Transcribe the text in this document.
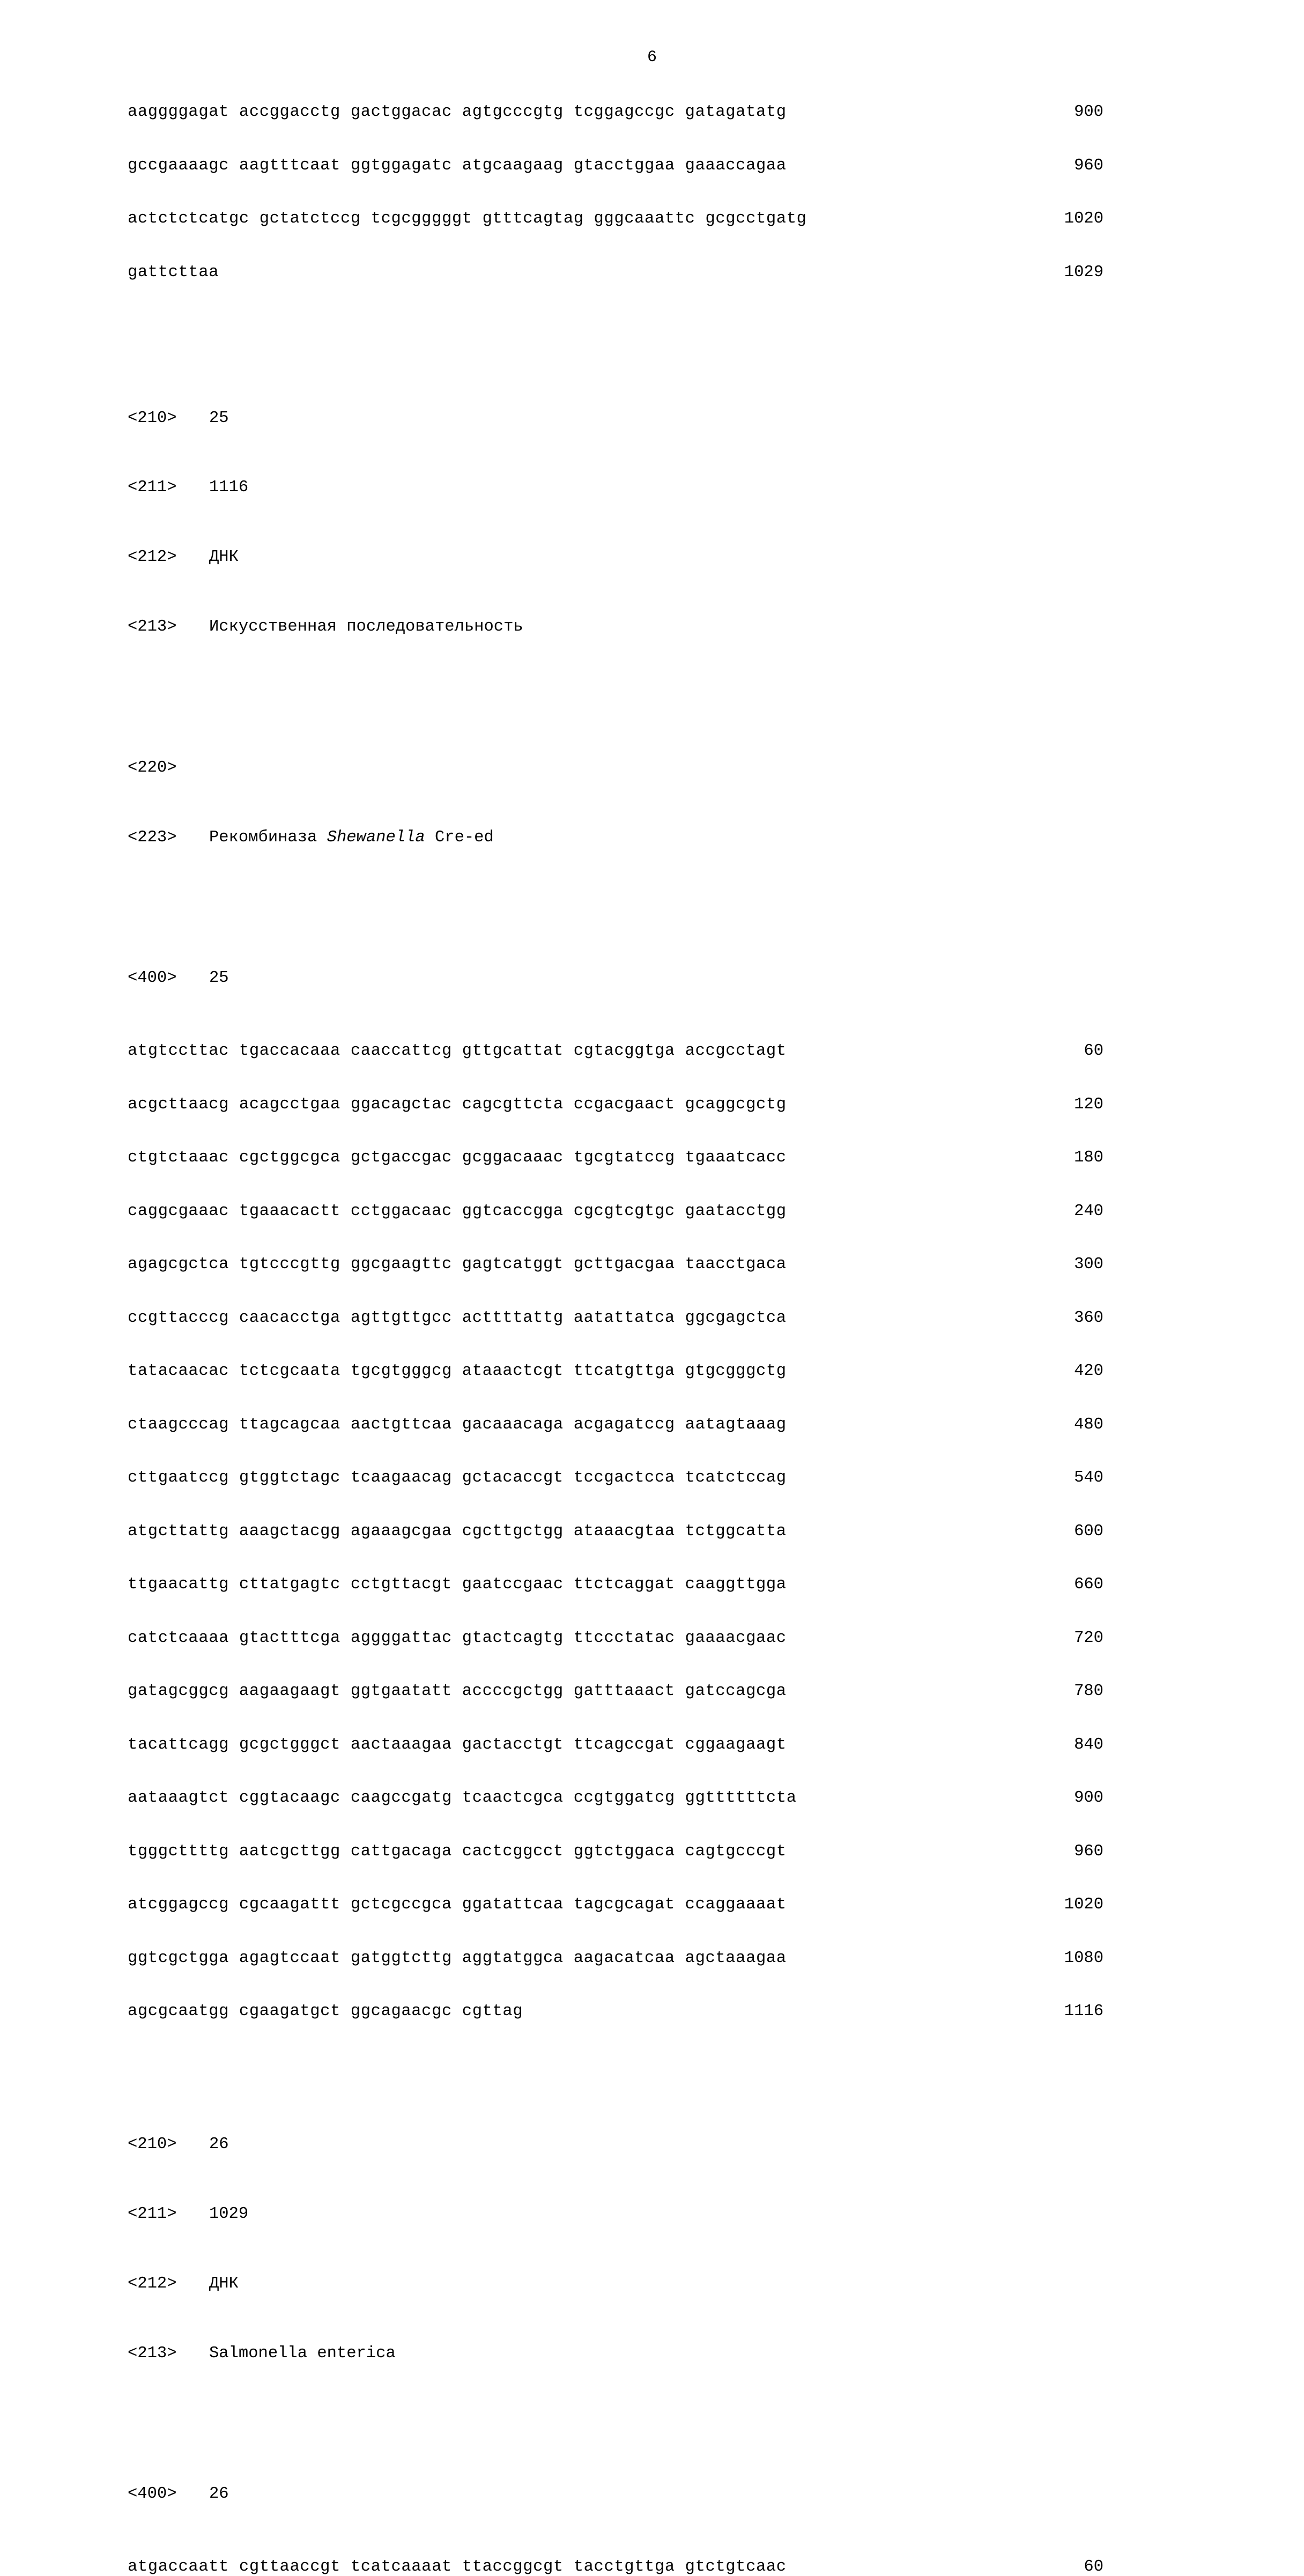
6
aaggggagat accggacctg gactggacac agtgcccgtg tcggagccgc gatagatatg	900
gccgaaaagc aagtttcaat ggtggagatc atgcaagaag gtacctggaa gaaaccagaa	960
actctctcatgc gctatctccg tcgcgggggt gtttcagtag gggcaaattc gcgcctgatg	1020
gattcttaa	1029

<210>	25

<211>	1116

<212>	ДНК

<213>	Искусственная последовательность

<220>

<223>	Рекомбиназа Shewanella Cre-ed

<400>	25

atgtccttac tgaccacaaa caaccattcg gttgcattat cgtacggtga accgcctagt	60
acgcttaacg acagcctgaa ggacagctac cagcgttcta ccgacgaact gcaggcgctg	120
ctgtctaaac cgctggcgca gctgaccgac gcggacaaac tgcgtatccg tgaaatcacc	180
caggcgaaac tgaaacactt cctggacaac ggtcaccgga cgcgtcgtgc gaatacctgg	240
agagcgctca tgtcccgttg ggcgaagttc gagtcatggt gcttgacgaa taacctgaca	300
ccgttacccg caacacctga agttgttgcc acttttattg aatattatca ggcgagctca	360
tatacaacac tctcgcaata tgcgtgggcg ataaactcgt ttcatgttga gtgcgggctg	420
ctaagcccag ttagcagcaa aactgttcaa gacaaacaga acgagatccg aatagtaaag	480
cttgaatccg gtggtctagc tcaagaacag gctacaccgt tccgactcca tcatctccag	540
atgcttattg aaagctacgg agaaagcgaa cgcttgctgg ataaacgtaa tctggcatta	600
ttgaacattg cttatgagtc cctgttacgt gaatccgaac ttctcaggat caaggttgga	660
catctcaaaa gtactttcga aggggattac gtactcagtg ttccctatac gaaaacgaac	720
gatagcggcg aagaagaagt ggtgaatatt accccgctgg gatttaaact gatccagcga	780
tacattcagg gcgctgggct aactaaagaa gactacctgt ttcagccgat cggaagaagt	840
aataaagtct cggtacaagc caagccgatg tcaactcgca ccgtggatcg ggttttttcta	900
tgggcttttg aatcgcttgg cattgacaga cactcggcct ggtctggaca cagtgcccgt	960
atcggagccg cgcaagattt gctcgccgca ggatattcaa tagcgcagat ccaggaaaat	1020
ggtcgctgga agagtccaat gatggtcttg aggtatggca aagacatcaa agctaaagaa	1080
agcgcaatgg cgaagatgct ggcagaacgc cgttag	1116

<210>	26

<211>	1029

<212>	ДНК

<213>	Salmonella enterica

<400>	26

atgaccaatt cgttaaccgt tcatcaaaat ttaccggcgt tacctgttga gtctgtcaac	60
